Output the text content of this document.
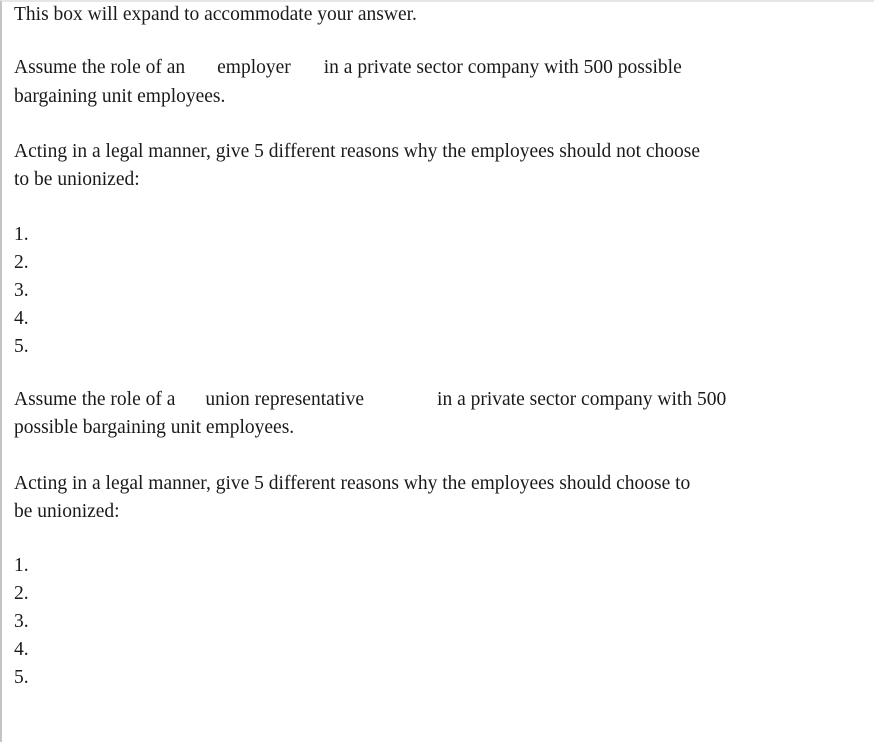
This box will expand to accommodate your answer.
Assume the role of an employer in a private sector company with 500 possible
bargaining unit employees.
Acting in a legal manner, give 5 different reasons why the employees should not choose
to be unionized:
1.
2.
3.
4.
5.
Assume the role of a union representative	in a private sector company with 500
possible bargaining unit employees.
Acting in a legal manner, give 5 different reasons why the employees should choose to
be unionized:
1.
2.
3.
4.
5.
